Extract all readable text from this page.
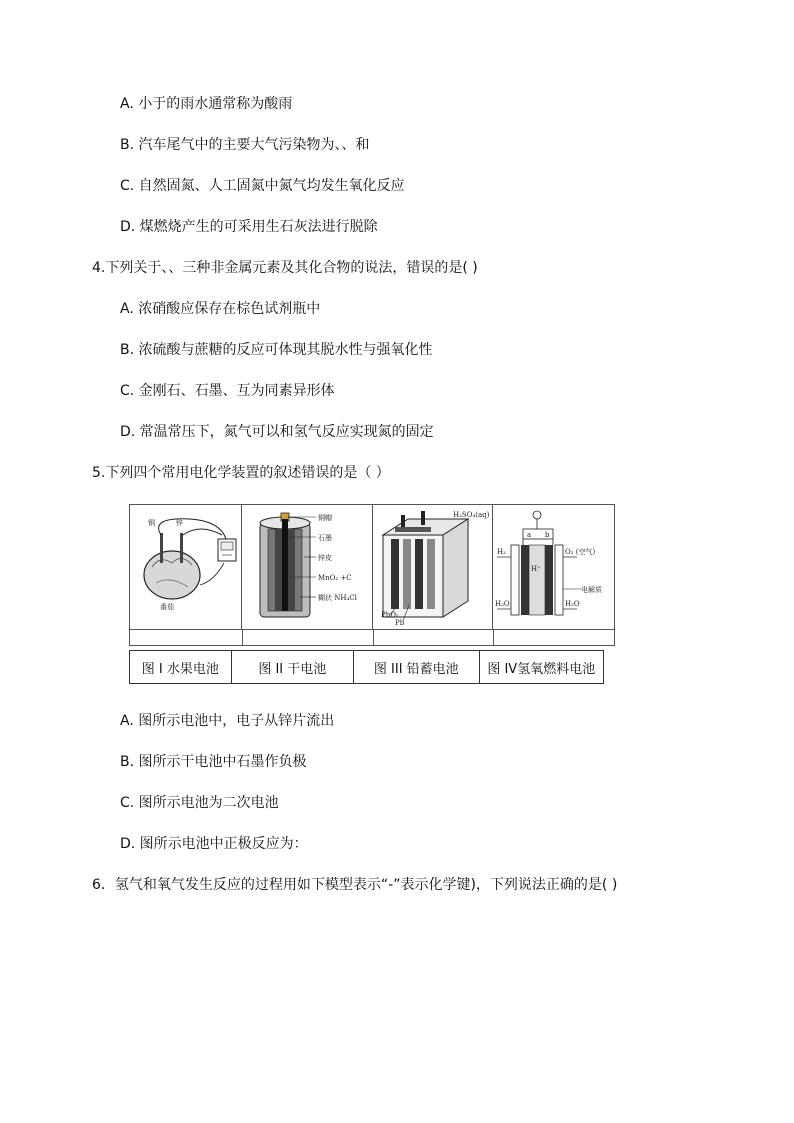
A. 小于的雨水通常称为酸雨
B. 汽车尾气中的主要大气污染物为、、和
C. 自然固氮、人工固氮中氮气均发生氧化反应
D. 煤燃烧产生的可采用生石灰法进行脱除
4.下列关于、、三种非金属元素及其化合物的说法，错误的是( )
A. 浓硝酸应保存在棕色试剂瓶中
B. 浓硫酸与蔗糖的反应可体现其脱水性与强氧化性
C. 金刚石、石墨、互为同素异形体
D. 常温常压下，氮气可以和氢气反应实现氮的固定
5.下列四个常用电化学装置的叙述错误的是（ ）
铜	锌
番茄
铜帽
石墨
锌皮
MnO₂ +C
糊状 NH₄Cl
H₂SO₄(aq)
PbO₂
Pb
a b
H₂	O₂ (空气)
H⁺
电解质
H₂O	H₂O
图 I 水果电池	图 II 干电池	图 III 铅蓄电池	图 IV氢氧燃料电池
A. 图所示电池中，电子从锌片流出
B. 图所示干电池中石墨作负极
C. 图所示电池为二次电池
D. 图所示电池中正极反应为：
6．氢气和氧气发生反应的过程用如下模型表示“-”表示化学键)，下列说法正确的是( )
